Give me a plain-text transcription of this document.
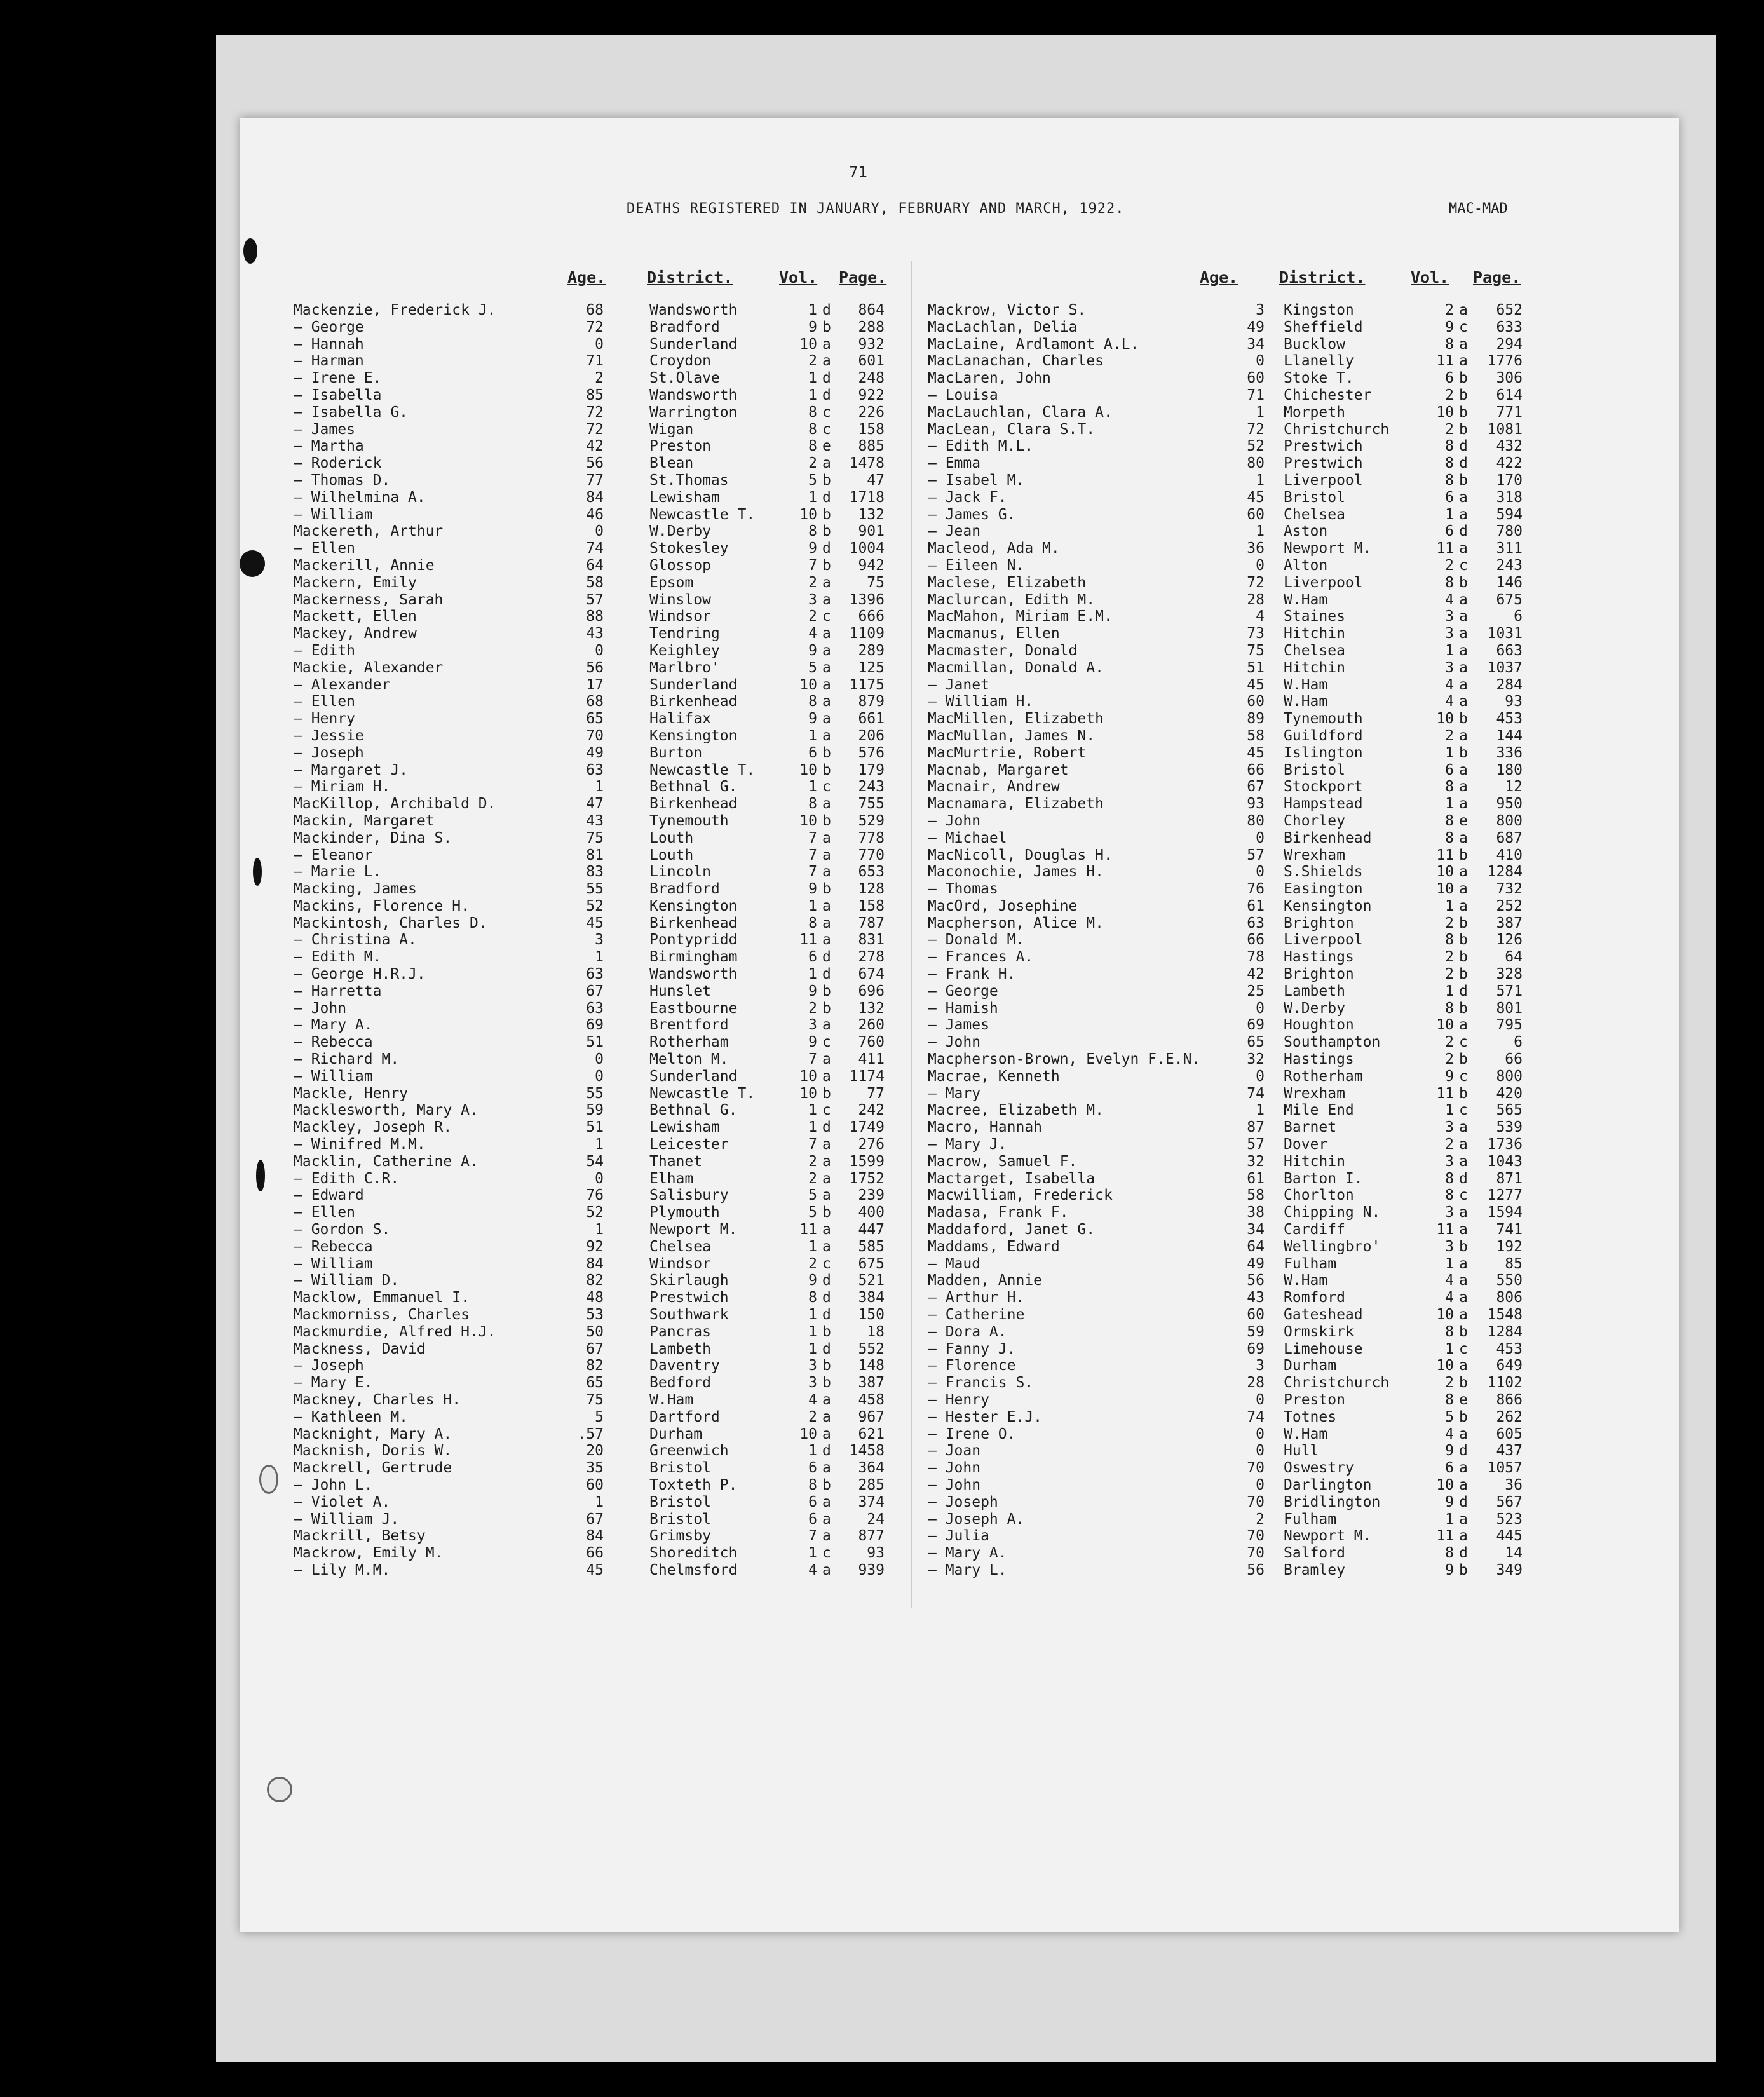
71
DEATHS REGISTERED IN JANUARY, FEBRUARY AND MARCH, 1922.	MAC-MAD
Age.	District.	Vol. Page.	Age.	District.	Vol. Page.
Mackenzie, Frederick J.	68	Wandsworth	1 d	864
— George	72	Bradford	9 b	288
— Hannah	0	Sunderland	10 a	932
— Harman	71	Croydon	2 a	601
— Irene E.	2	St.Olave	1 d	248
— Isabella	85	Wandsworth	1 d	922
— Isabella G.	72	Warrington	8 c	226
— James	72	Wigan	8 c	158
— Martha	42	Preston	8 e	885
— Roderick	56	Blean	2 a	1478
— Thomas D.	77	St.Thomas	5 b	47
— Wilhelmina A.	84	Lewisham	1 d	1718
— William	46	Newcastle T.	10 b	132
Mackereth, Arthur	0	W.Derby	8 b	901
— Ellen	74	Stokesley	9 d	1004
Mackerill, Annie	64	Glossop	7 b	942
Mackern, Emily	58	Epsom	2 a	75
Mackerness, Sarah	57	Winslow	3 a	1396
Mackett, Ellen	88	Windsor	2 c	666
Mackey, Andrew	43	Tendring	4 a	1109
— Edith	0	Keighley	9 a	289
Mackie, Alexander	56	Marlbro'	5 a	125
— Alexander	17	Sunderland	10 a	1175
— Ellen	68	Birkenhead	8 a	879
— Henry	65	Halifax	9 a	661
— Jessie	70	Kensington	1 a	206
— Joseph	49	Burton	6 b	576
— Margaret J.	63	Newcastle T.	10 b	179
— Miriam H.	1	Bethnal G.	1 c	243
MacKillop, Archibald D.	47	Birkenhead	8 a	755
Mackin, Margaret	43	Tynemouth	10 b	529
Mackinder, Dina S.	75	Louth	7 a	778
— Eleanor	81	Louth	7 a	770
— Marie L.	83	Lincoln	7 a	653
Macking, James	55	Bradford	9 b	128
Mackins, Florence H.	52	Kensington	1 a	158
Mackintosh, Charles D.	45	Birkenhead	8 a	787
— Christina A.	3	Pontypridd	11 a	831
— Edith M.	1	Birmingham	6 d	278
— George H.R.J.	63	Wandsworth	1 d	674
— Harretta	67	Hunslet	9 b	696
— John	63	Eastbourne	2 b	132
— Mary A.	69	Brentford	3 a	260
— Rebecca	51	Rotherham	9 c	760
— Richard M.	0	Melton M.	7 a	411
— William	0	Sunderland	10 a	1174
Mackle, Henry	55	Newcastle T.	10 b	77
Macklesworth, Mary A.	59	Bethnal G.	1 c	242
Mackley, Joseph R.	51	Lewisham	1 d	1749
— Winifred M.M.	1	Leicester	7 a	276
Macklin, Catherine A.	54	Thanet	2 a	1599
— Edith C.R.	0	Elham	2 a	1752
— Edward	76	Salisbury	5 a	239
— Ellen	52	Plymouth	5 b	400
— Gordon S.	1	Newport M.	11 a	447
— Rebecca	92	Chelsea	1 a	585
— William	84	Windsor	2 c	675
— William D.	82	Skirlaugh	9 d	521
Macklow, Emmanuel I.	48	Prestwich	8 d	384
Mackmorniss, Charles	53	Southwark	1 d	150
Mackmurdie, Alfred H.J.	50	Pancras	1 b	18
Mackness, David	67	Lambeth	1 d	552
— Joseph	82	Daventry	3 b	148
— Mary E.	65	Bedford	3 b	387
Mackney, Charles H.	75	W.Ham	4 a	458
— Kathleen M.	5	Dartford	2 a	967
Macknight, Mary A.	.57	Durham	10 a	621
Macknish, Doris W.	20	Greenwich	1 d	1458
Mackrell, Gertrude	35	Bristol	6 a	364
— John L.	60	Toxteth P.	8 b	285
— Violet A.	1	Bristol	6 a	374
— William J.	67	Bristol	6 a	24
Mackrill, Betsy	84	Grimsby	7 a	877
Mackrow, Emily M.	66	Shoreditch	1 c	93
— Lily M.M.	45	Chelmsford	4 a	939
Mackrow, Victor S.	3 Kingston	2 a	652
MacLachlan, Delia	49 Sheffield	9 c	633
MacLaine, Ardlamont A.L.	34 Bucklow	8 a	294
MacLanachan, Charles	0 Llanelly	11 a	1776
MacLaren, John	60 Stoke T.	6 b	306
— Louisa	71 Chichester	2 b	614
MacLauchlan, Clara A.	1 Morpeth	10 b	771
MacLean, Clara S.T.	72 Christchurch	2 b	1081
— Edith M.L.	52 Prestwich	8 d	432
— Emma	80 Prestwich	8 d	422
— Isabel M.	1 Liverpool	8 b	170
— Jack F.	45 Bristol	6 a	318
— James G.	60 Chelsea	1 a	594
— Jean	1 Aston	6 d	780
Macleod, Ada M.	36 Newport M.	11 a	311
— Eileen N.	0 Alton	2 c	243
Maclese, Elizabeth	72 Liverpool	8 b	146
Maclurcan, Edith M.	28 W.Ham	4 a	675
MacMahon, Miriam E.M.	4 Staines	3 a	6
Macmanus, Ellen	73 Hitchin	3 a	1031
Macmaster, Donald	75 Chelsea	1 a	663
Macmillan, Donald A.	51 Hitchin	3 a	1037
— Janet	45 W.Ham	4 a	284
— William H.	60 W.Ham	4 a	93
MacMillen, Elizabeth	89 Tynemouth	10 b	453
MacMullan, James N.	58 Guildford	2 a	144
MacMurtrie, Robert	45 Islington	1 b	336
Macnab, Margaret	66 Bristol	6 a	180
Macnair, Andrew	67 Stockport	8 a	12
Macnamara, Elizabeth	93 Hampstead	1 a	950
— John	80 Chorley	8 e	800
— Michael	0 Birkenhead	8 a	687
MacNicoll, Douglas H.	57 Wrexham	11 b	410
Maconochie, James H.	0 S.Shields	10 a	1284
— Thomas	76 Easington	10 a	732
MacOrd, Josephine	61 Kensington	1 a	252
Macpherson, Alice M.	63 Brighton	2 b	387
— Donald M.	66 Liverpool	8 b	126
— Frances A.	78 Hastings	2 b	64
— Frank H.	42 Brighton	2 b	328
— George	25 Lambeth	1 d	571
— Hamish	0 W.Derby	8 b	801
— James	69 Houghton	10 a	795
— John	65 Southampton	2 c	6
Macpherson-Brown, Evelyn F.E.N.	32 Hastings	2 b	66
Macrae, Kenneth	0 Rotherham	9 c	800
— Mary	74 Wrexham	11 b	420
Macree, Elizabeth M.	1 Mile End	1 c	565
Macro, Hannah	87 Barnet	3 a	539
— Mary J.	57 Dover	2 a	1736
Macrow, Samuel F.	32 Hitchin	3 a	1043
Mactarget, Isabella	61 Barton I.	8 d	871
Macwilliam, Frederick	58 Chorlton	8 c	1277
Madasa, Frank F.	38 Chipping N.	3 a	1594
Maddaford, Janet G.	34 Cardiff	11 a	741
Maddams, Edward	64 Wellingbro'	3 b	192
— Maud	49 Fulham	1 a	85
Madden, Annie	56 W.Ham	4 a	550
— Arthur H.	43 Romford	4 a	806
— Catherine	60 Gateshead	10 a	1548
— Dora A.	59 Ormskirk	8 b	1284
— Fanny J.	69 Limehouse	1 c	453
— Florence	3 Durham	10 a	649
— Francis S.	28 Christchurch	2 b	1102
— Henry	0 Preston	8 e	866
— Hester E.J.	74 Totnes	5 b	262
— Irene O.	0 W.Ham	4 a	605
— Joan	0 Hull	9 d	437
— John	70 Oswestry	6 a	1057
— John	0 Darlington	10 a	36
— Joseph	70 Bridlington	9 d	567
— Joseph A.	2 Fulham	1 a	523
— Julia	70 Newport M.	11 a	445
— Mary A.	70 Salford	8 d	14
— Mary L.	56 Bramley	9 b	349
